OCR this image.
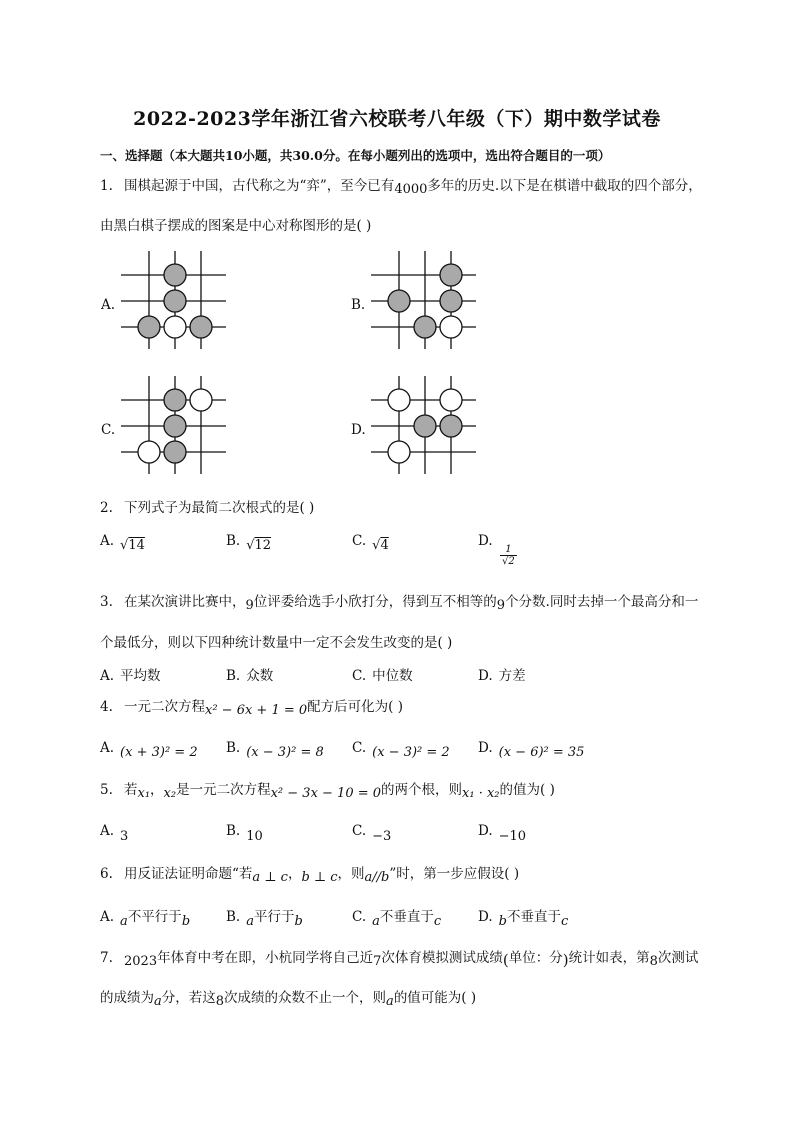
2022-2023学年浙江省六校联考八年级（下）期中数学试卷
一、选择题（本大题共10小题，共30.0分。在每小题列出的选项中，选出符合题目的一项）
1. 围棋起源于中国，古代称之为“弈”，至今已有4000多年的历史.以下是在棋谱中截取的四个部分，
由黑白棋子摆成的图案是中心对称图形的是( )
A.	B.
C.	D.
2. 下列式子为最简二次根式的是( )
A. √14	B. √12	C. √4	D.
$\frac{1}{√2}$
3. 在某次演讲比赛中，9位评委给选手小欣打分，得到互不相等的9个分数.同时去掉一个最高分和一
个最低分，则以下四种统计数量中一定不会发生改变的是( )
A. 平均数	B. 众数	C. 中位数	D. 方差
4. 一元二次方程x² − 6x + 1 = 0配方后可化为( )
A. (x + 3)² = 2 B. (x − 3)² = 8 C. (x − 3)² = 2 D. (x − 6)² = 35
5. 若x₁，x₂是一元二次方程x² − 3x − 10 = 0的两个根，则x₁ · x₂的值为( )
A. 3	B. 10	C. −3	D. −10
6. 用反证法证明命题“若a ⊥ c，b ⊥ c，则a//b”时，第一步应假设( )
A. a不平行于b	B. a平行于b	C. a不垂直于c	D. b不垂直于c
7. 2023年体育中考在即，小杭同学将自己近7次体育模拟测试成绩(单位：分)统计如表，第8次测试
的成绩为a分，若这8次成绩的众数不止一个，则a的值可能为( )
